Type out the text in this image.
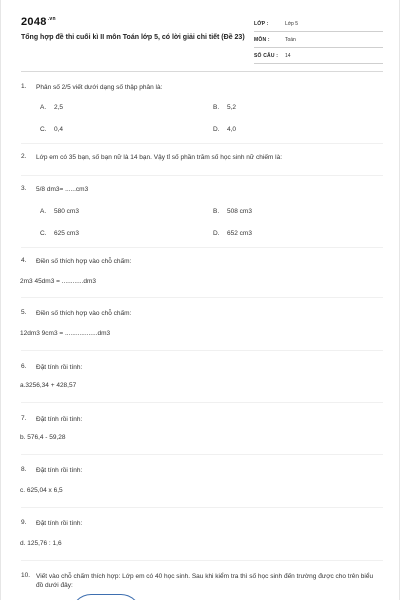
$2048^{.vn}$
Tổng hợp đề thi cuối kì II môn Toán lớp 5, có lời giải chi tiết (Đề 23)
LỚP :	Lớp 5
MÔN :	Toán
SỐ CÂU : 14
1. Phân số 2/5 viết dưới dạng số thập phân là:
A. 2,5	B. 5,2
C. 0,4	D. 4,0
2. Lớp em có 35 bạn, số bạn nữ là 14 bạn. Vậy tỉ số phần trăm số học sinh nữ chiếm là:
3. 5/8 dm3= ......cm3
A. 580 cm3	B. 508 cm3
C. 625 cm3	D. 652 cm3
4. Điền số thích hợp vào chỗ chấm:
2m3 45dm3 = ............dm3
5. Điền số thích hợp vào chỗ chấm:
12dm3 9cm3 = ..................dm3
6. Đặt tính rồi tính:
a.3256,34 + 428,57
7. Đặt tính rồi tính:
b. 576,4 - 59,28
8. Đặt tính rồi tính:
c. 625,04 x 6,5
9. Đặt tính rồi tính:
d. 125,76 : 1,6
10. Viết vào chỗ chấm thích hợp: Lớp em có 40 học sinh. Sau khi kiểm tra thì số học sinh đến trường được cho trên biểu đồ dưới đây:
